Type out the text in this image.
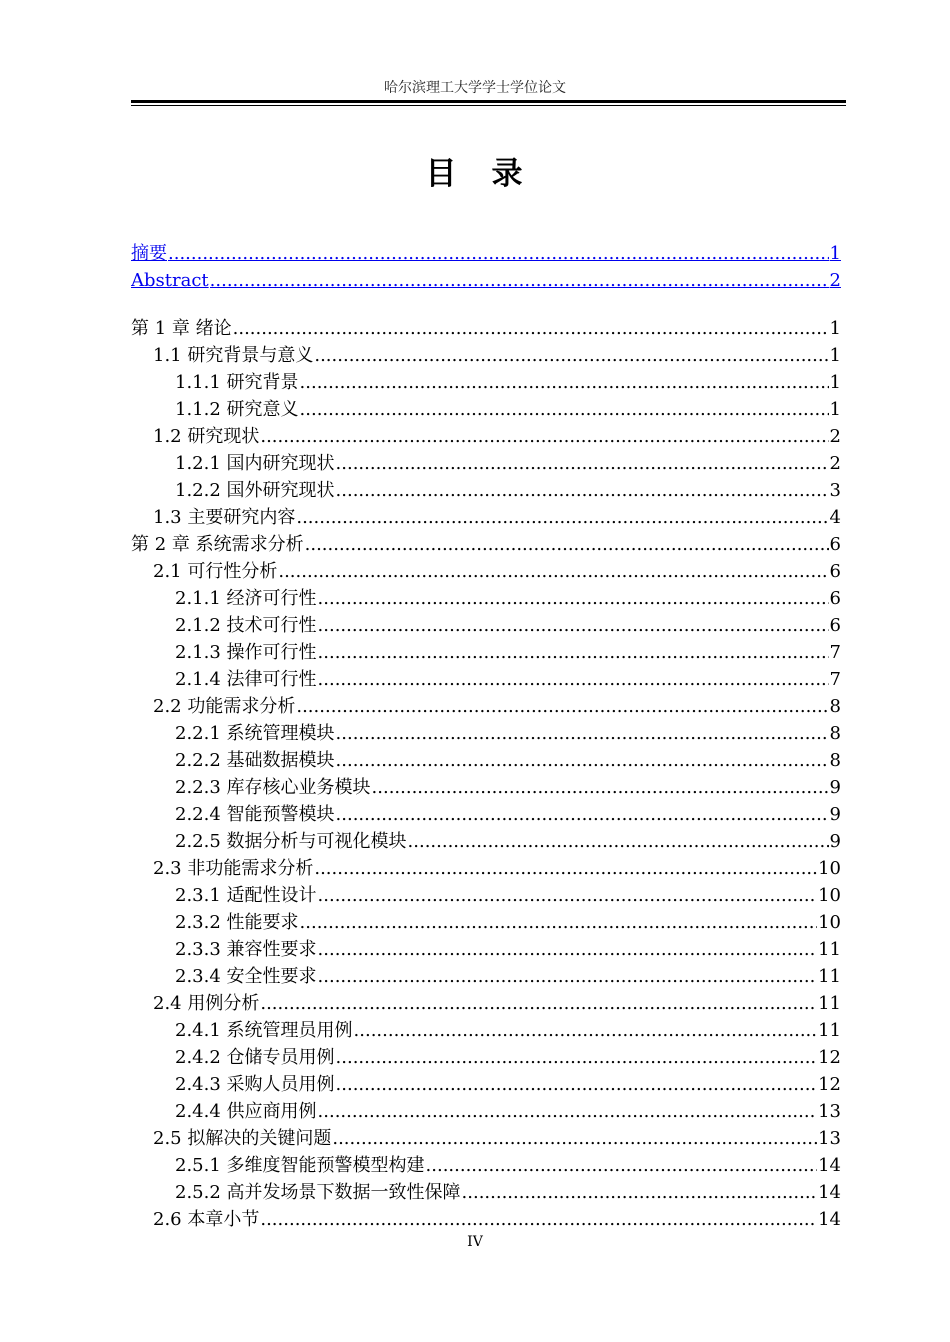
哈尔滨理工大学学士学位论文
目　录
摘要 .....	1
Abstract .....	2
第 1 章 绪论 .....	1
1.1 研究背景与意义 .....	1
1.1.1 研究背景 .....	1
1.1.2 研究意义 .....	1
1.2 研究现状 .....	2
1.2.1 国内研究现状 .....	2
1.2.2 国外研究现状 .....	3
1.3 主要研究内容 .....	4
第 2 章 系统需求分析 .....	6
2.1 可行性分析 .....	6
2.1.1 经济可行性 .....	6
2.1.2 技术可行性 .....	6
2.1.3 操作可行性 .....	7
2.1.4 法律可行性 .....	7
2.2 功能需求分析 .....	8
2.2.1 系统管理模块 .....	8
2.2.2 基础数据模块 .....	8
2.2.3 库存核心业务模块 .....	9
2.2.4 智能预警模块 .....	9
2.2.5 数据分析与可视化模块 .....	9
2.3 非功能需求分析 .....	10
2.3.1 适配性设计 .....	10
2.3.2 性能要求 .....	10
2.3.3 兼容性要求 .....	11
2.3.4 安全性要求 .....	11
2.4 用例分析 .....	11
2.4.1 系统管理员用例 .....	11
2.4.2 仓储专员用例 .....	12
2.4.3 采购人员用例 .....	12
2.4.4 供应商用例 .....	13
2.5 拟解决的关键问题 .....	13
2.5.1 多维度智能预警模型构建 .....	14
2.5.2 高并发场景下数据一致性保障 .....	14
2.6 本章小节 .....	14
IV
